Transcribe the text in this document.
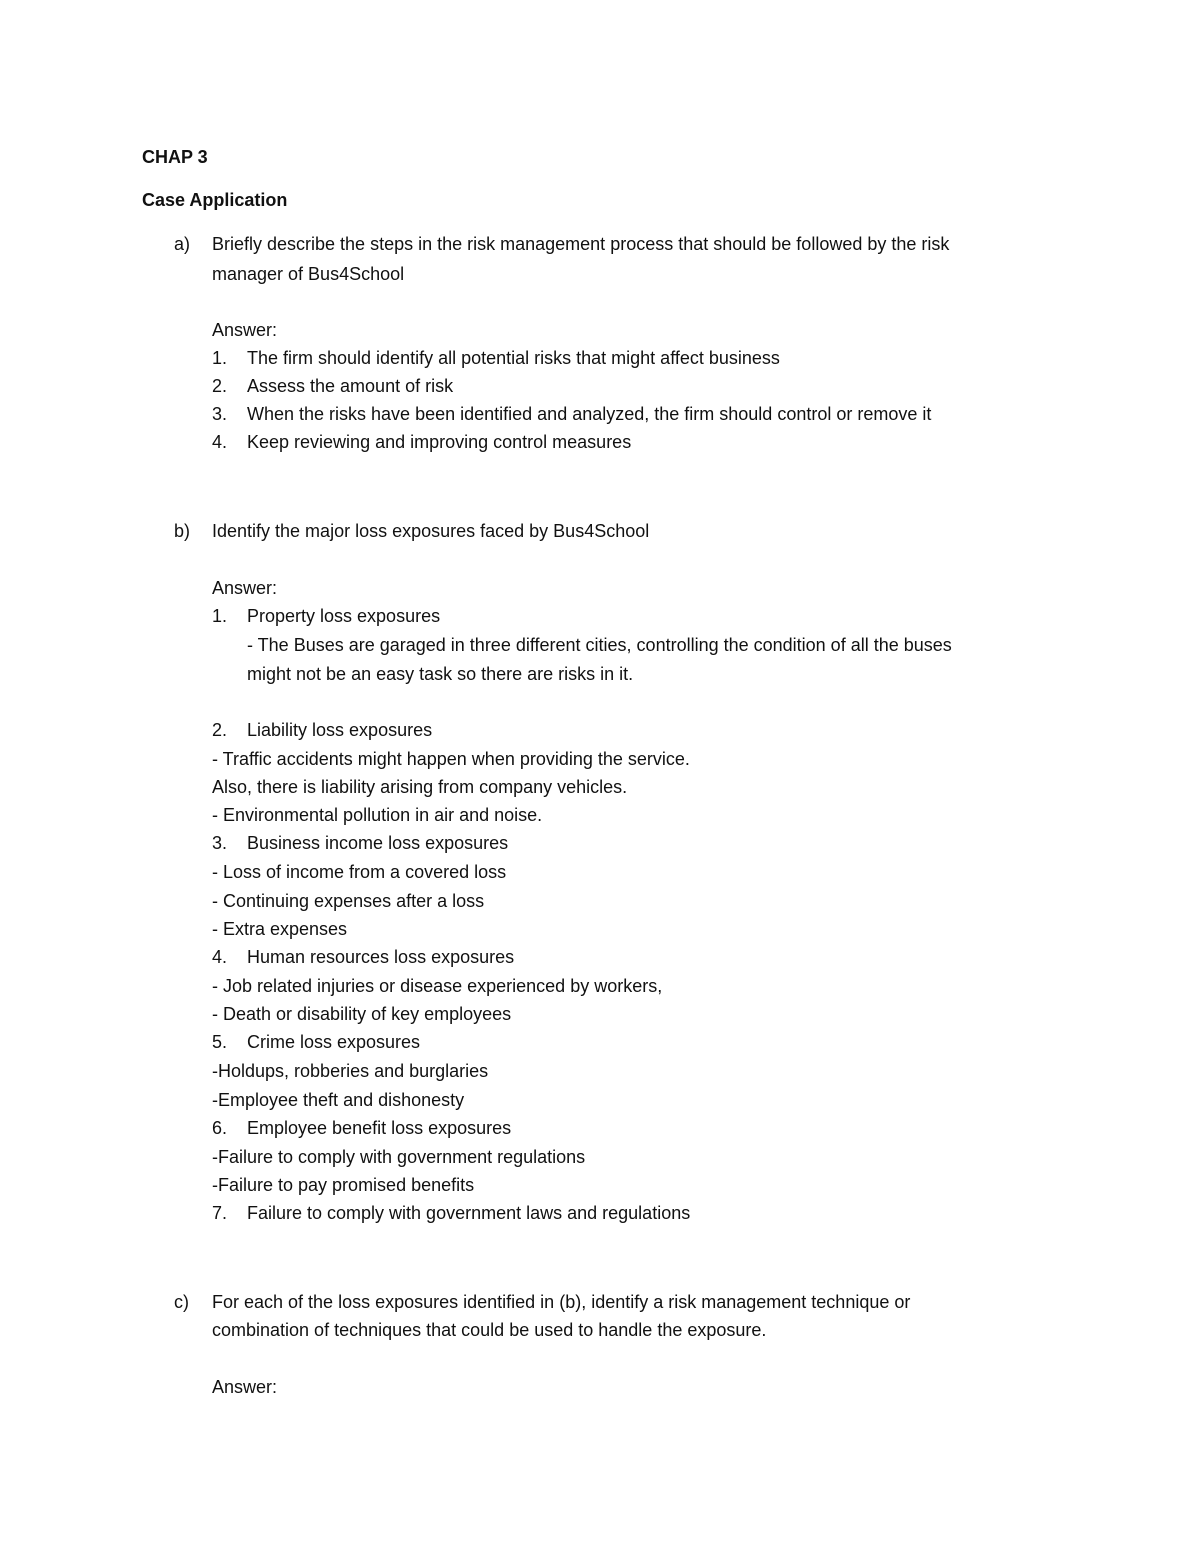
CHAP 3
Case Application
a) Briefly describe the steps in the risk management process that should be followed by the risk
manager of Bus4School
Answer:
1. The firm should identify all potential risks that might affect business
2. Assess the amount of risk
3. When the risks have been identified and analyzed, the firm should control or remove it
4. Keep reviewing and improving control measures
b) Identify the major loss exposures faced by Bus4School
Answer:
1. Property loss exposures
- The Buses are garaged in three different cities, controlling the condition of all the buses
might not be an easy task so there are risks in it.
2. Liability loss exposures
- Traffic accidents might happen when providing the service.
Also, there is liability arising from company vehicles.
- Environmental pollution in air and noise.
3. Business income loss exposures
- Loss of income from a covered loss
- Continuing expenses after a loss
- Extra expenses
4. Human resources loss exposures
- Job related injuries or disease experienced by workers,
- Death or disability of key employees
5. Crime loss exposures
-Holdups, robberies and burglaries
-Employee theft and dishonesty
6. Employee benefit loss exposures
-Failure to comply with government regulations
-Failure to pay promised benefits
7. Failure to comply with government laws and regulations
c) For each of the loss exposures identified in (b), identify a risk management technique or
combination of techniques that could be used to handle the exposure.
Answer:
